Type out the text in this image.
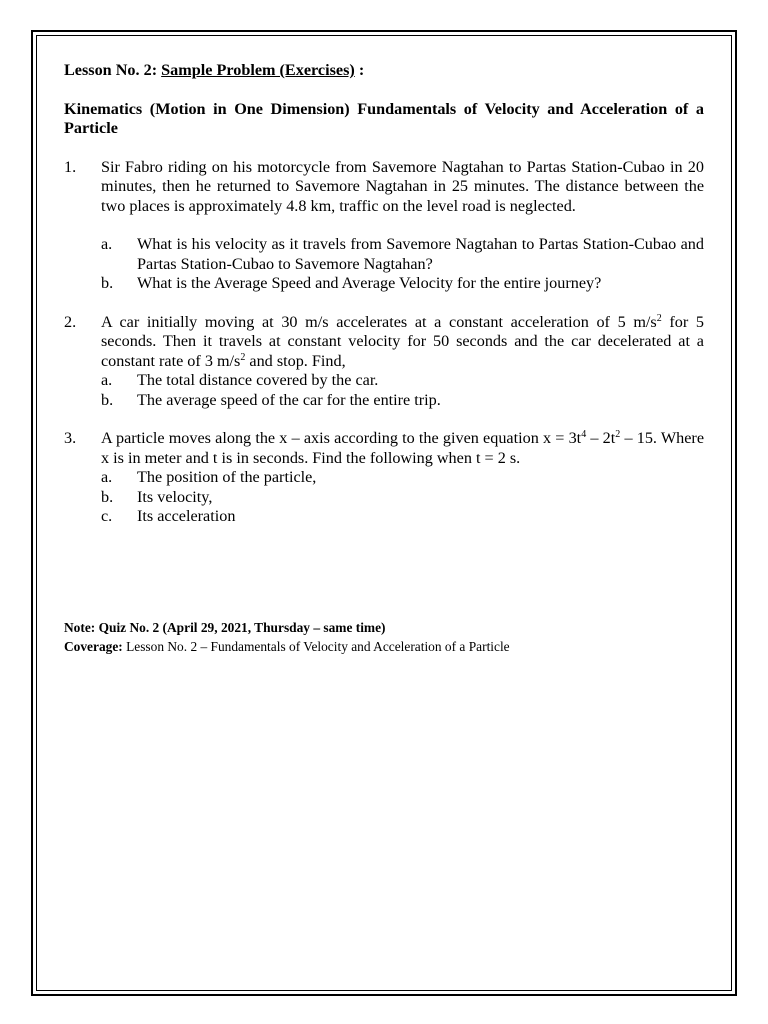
Lesson No. 2: Sample Problem (Exercises) :

Kinematics (Motion in One Dimension) Fundamentals of Velocity and Acceleration of a Particle

1. Sir Fabro riding on his motorcycle from Savemore Nagtahan to Partas Station-Cubao in 20 minutes, then he returned to Savemore Nagtahan in 25 minutes. The distance between the two places is approximately 4.8 km, traffic on the level road is neglected.

a. What is his velocity as it travels from Savemore Nagtahan to Partas Station-Cubao and Partas Station-Cubao to Savemore Nagtahan?
b. What is the Average Speed and Average Velocity for the entire journey?
2. A car initially moving at 30 m/s accelerates at a constant acceleration of 5 $m/s^2$ for 5 seconds. Then it travels at constant velocity for 50 seconds and the car decelerated at a constant rate of 3 $m/s^2$ and stop. Find,

a. The total distance covered by the car.
b. The average speed of the car for the entire trip.
3. A particle moves along the x – axis according to the given equation $x = 3t^4 - 2t^2 - 15$. Where x is in meter and t is in seconds. Find the following when t = 2 s.

a. The position of the particle,
b. Its velocity,
c. Its acceleration

Note: Quiz No. 2 (April 29, 2021, Thursday – same time)

Coverage: Lesson No. 2 – Fundamentals of Velocity and Acceleration of a Particle
